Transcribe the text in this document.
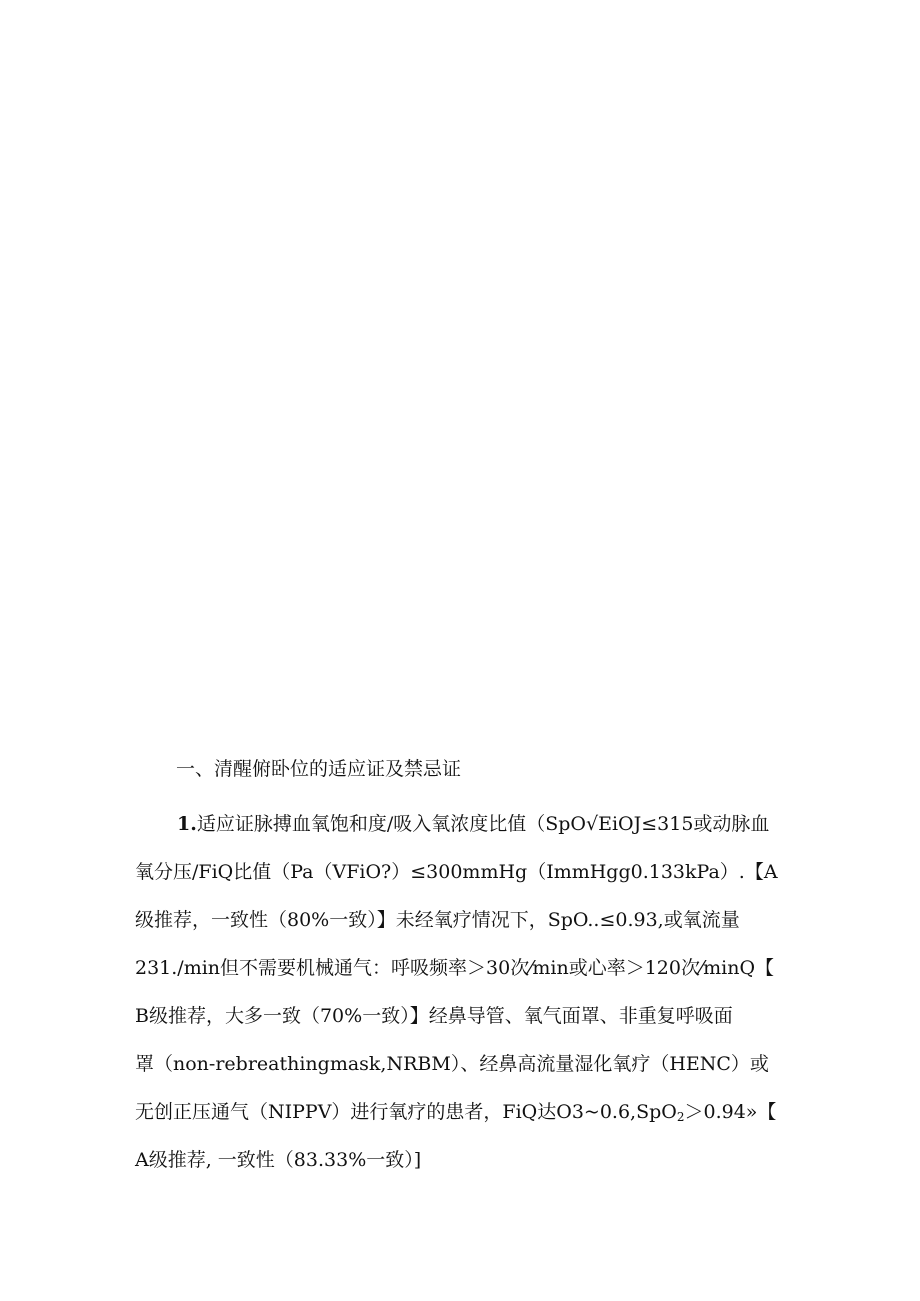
一、清醒俯卧位的适应证及禁忌证
1.适应证脉搏血氧饱和度/吸入氧浓度比值（SpO√EiOJ≤315或动脉血
氧分压/FiQ比值（Pa（VFiO?）≤300mmHg（ImmHgg0.133kPa）.【A
级推荐，一致性（80%一致）】未经氧疗情况下，SpO..≤0.93,或氧流量
231./min但不需要机械通气：呼吸频率＞30次⁄min或心率＞120次⁄minQ【
B级推荐，大多一致（70%一致）】经鼻导管、氧气面罩、非重复呼吸面
罩（non-rebreathingmask,NRBM）、经鼻高流量湿化氧疗（HENC）或
无创正压通气（NIPPV）进行氧疗的患者，FiQ达O3~0.6,SpO$_2$＞0.94»【
A级推荐, 一致性（83.33%一致）]
